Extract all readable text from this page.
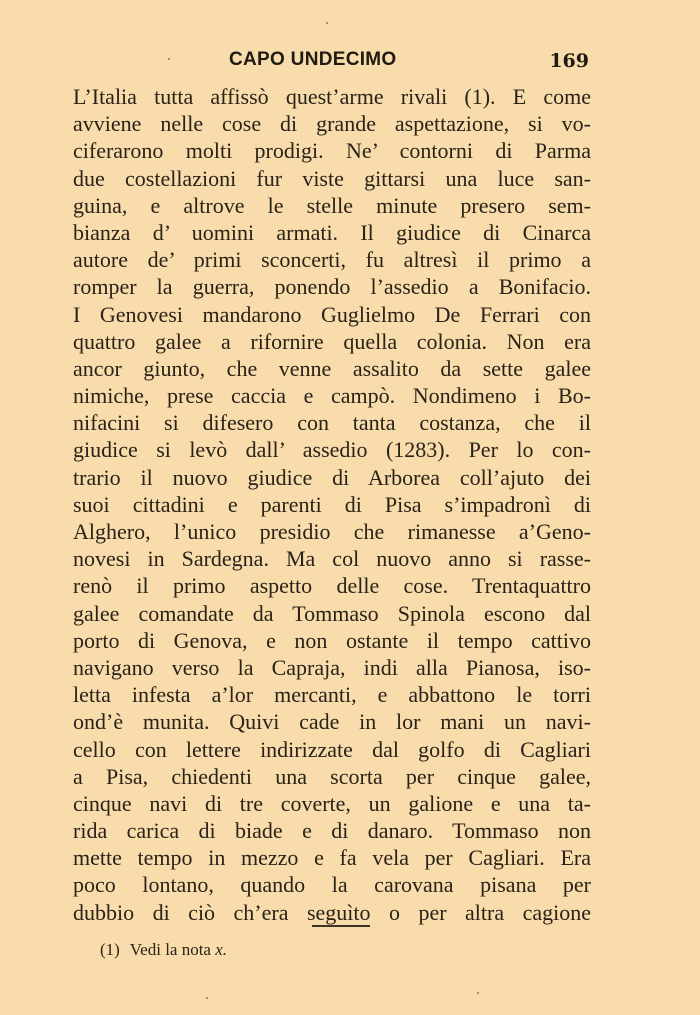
CAPO UNDECIMO	169
L’Italia tutta affissò quest’arme rivali (1). E come
avviene nelle cose di grande aspettazione, si vo-
ciferarono molti prodigi. Ne’ contorni di Parma
due costellazioni fur viste gittarsi una luce san-
guina, e altrove le stelle minute presero sem-
bianza d’ uomini armati. Il giudice di Cinarca
autore de’ primi sconcerti, fu altresì il primo a
romper la guerra, ponendo l’assedio a Bonifacio.
I Genovesi mandarono Guglielmo De Ferrari con
quattro galee a rifornire quella colonia. Non era
ancor giunto, che venne assalito da sette galee
nimiche, prese caccia e campò. Nondimeno i Bo-
nifacini si difesero con tanta costanza, che il
giudice si levò dall’ assedio (1283). Per lo con-
trario il nuovo giudice di Arborea coll’ajuto dei
suoi cittadini e parenti di Pisa s’impadronì di
Alghero, l’unico presidio che rimanesse a’Geno-
novesi in Sardegna. Ma col nuovo anno si rasse-
renò il primo aspetto delle cose. Trentaquattro
galee comandate da Tommaso Spinola escono dal
porto di Genova, e non ostante il tempo cattivo
navigano verso la Capraja, indi alla Pianosa, iso-
letta infesta a’lor mercanti, e abbattono le torri
ond’è munita. Quivi cade in lor mani un navi-
cello con lettere indirizzate dal golfo di Cagliari
a Pisa, chiedenti una scorta per cinque galee,
cinque navi di tre coverte, un galione e una ta-
rida carica di biade e di danaro. Tommaso non
mette tempo in mezzo e fa vela per Cagliari. Era
poco lontano, quando la carovana pisana per
dubbio di ciò ch’era seguìto o per altra cagione
(1) Vedi la nota x.
